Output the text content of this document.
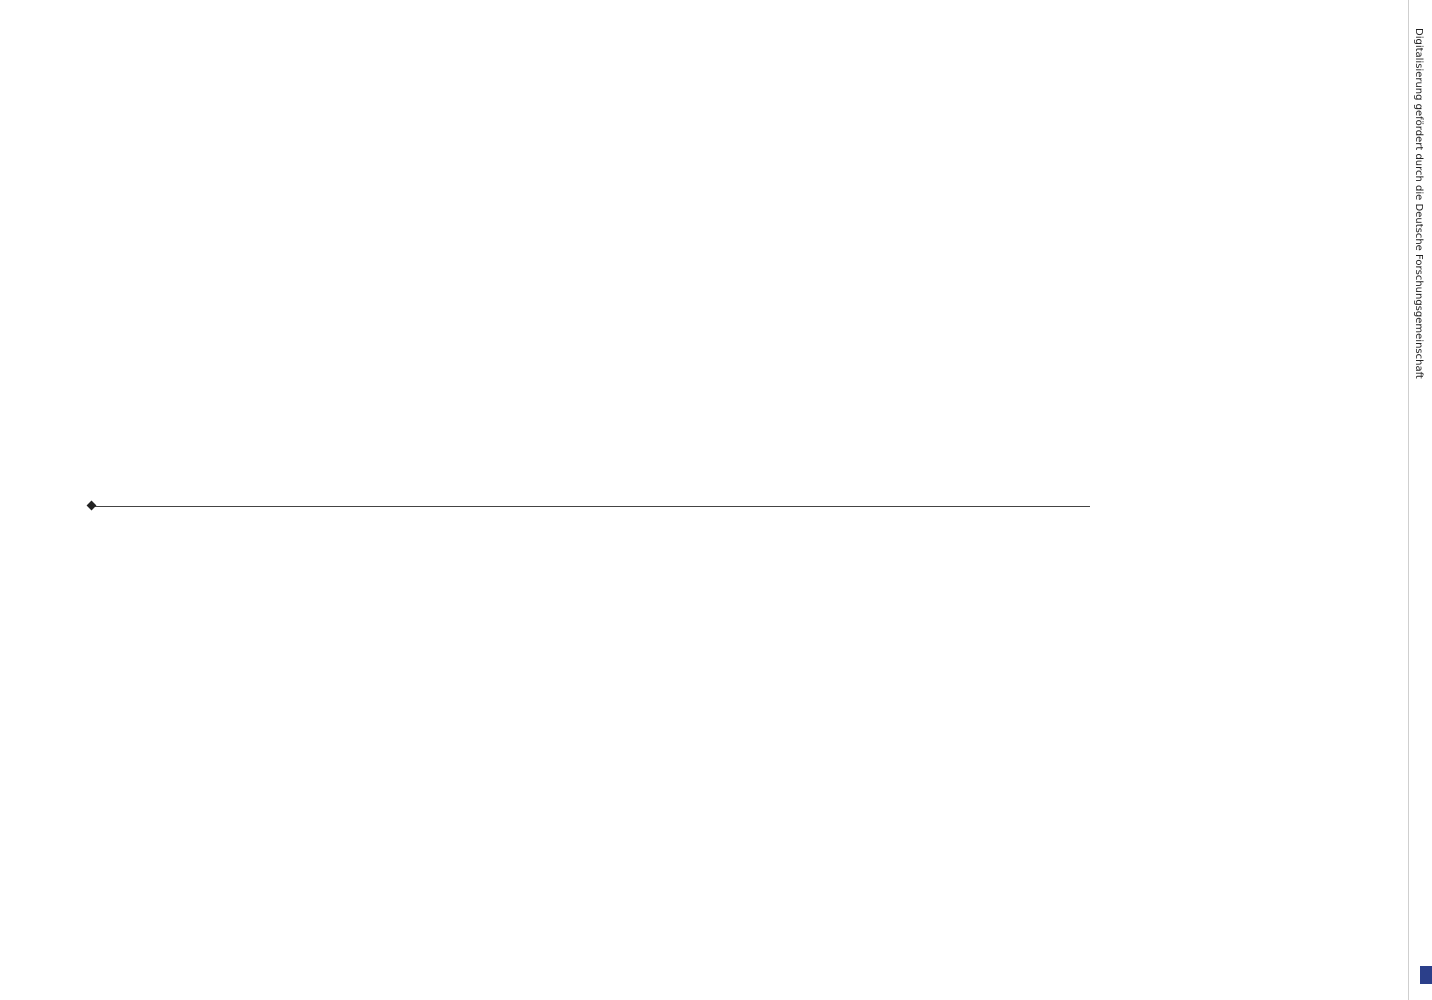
Digitalisierung gefördert durch die Deutsche Forschungsgemeinschaft
